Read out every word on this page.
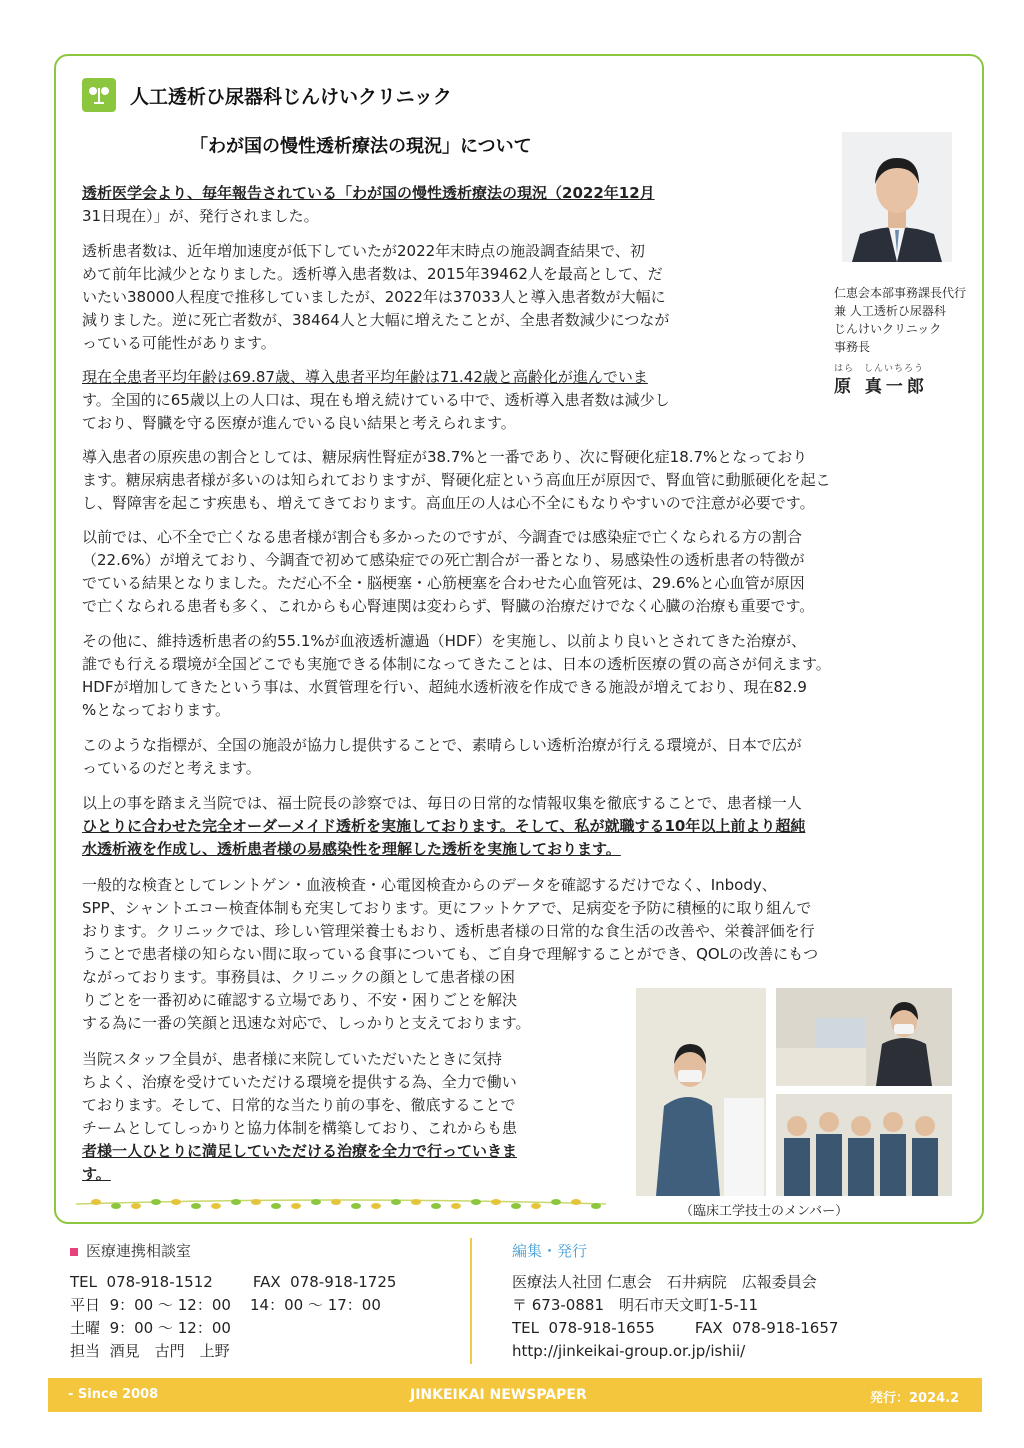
人工透析ひ尿器科じんけいクリニック
「わが国の慢性透析療法の現況」について
仁恵会本部事務課長代行
兼 人工透析ひ尿器科
じんけいクリニック
事務長
はら　しんいちろう
原 真一郎

透析医学会より、毎年報告されている「わが国の慢性透析療法の現況（2022年12月

31日現在）」が、発行されました。

透析患者数は、近年増加速度が低下していたが2022年末時点の施設調査結果で、初

めて前年比減少となりました。透析導入患者数は、2015年39462人を最高として、だ

いたい38000人程度で推移していましたが、2022年は37033人と導入患者数が大幅に

減りました。逆に死亡者数が、38464人と大幅に増えたことが、全患者数減少につなが

っている可能性があります。

現在全患者平均年齢は69.87歳、導入患者平均年齢は71.42歳と高齢化が進んでいま

す。全国的に65歳以上の人口は、現在も増え続けている中で、透析導入患者数は減少し

ており、腎臓を守る医療が進んでいる良い結果と考えられます。

導入患者の原疾患の割合としては、糖尿病性腎症が38.7%と一番であり、次に腎硬化症18.7%となっており

ます。糖尿病患者様が多いのは知られておりますが、腎硬化症という高血圧が原因で、腎血管に動脈硬化を起こ

し、腎障害を起こす疾患も、増えてきております。高血圧の人は心不全にもなりやすいので注意が必要です。

以前では、心不全で亡くなる患者様が割合も多かったのですが、今調査では感染症で亡くなられる方の割合

（22.6%）が増えており、今調査で初めて感染症での死亡割合が一番となり、易感染性の透析患者の特徴が

でている結果となりました。ただ心不全・脳梗塞・心筋梗塞を合わせた心血管死は、29.6%と心血管が原因

で亡くなられる患者も多く、これからも心腎連関は変わらず、腎臓の治療だけでなく心臓の治療も重要です。

その他に、維持透析患者の約55.1%が血液透析濾過（HDF）を実施し、以前より良いとされてきた治療が、

誰でも行える環境が全国どこでも実施できる体制になってきたことは、日本の透析医療の質の高さが伺えます。

HDFが増加してきたという事は、水質管理を行い、超純水透析液を作成できる施設が増えており、現在82.9

%となっております。

このような指標が、全国の施設が協力し提供することで、素晴らしい透析治療が行える環境が、日本で広が

っているのだと考えます。

以上の事を踏まえ当院では、福士院長の診察では、毎日の日常的な情報収集を徹底することで、患者様一人

ひとりに合わせた完全オーダーメイド透析を実施しております。そして、私が就職する10年以上前より超純

水透析液を作成し、透析患者様の易感染性を理解した透析を実施しております。

一般的な検査としてレントゲン・血液検査・心電図検査からのデータを確認するだけでなく、Inbody、

SPP、シャントエコー検査体制も充実しております。更にフットケアで、足病変を予防に積極的に取り組んで

おります。クリニックでは、珍しい管理栄養士もおり、透析患者様の日常的な食生活の改善や、栄養評価を行

うことで患者様の知らない間に取っている食事についても、ご自身で理解することができ、QOLの改善にもつ

ながっております。事務員は、クリニックの顔として患者様の困

りごとを一番初めに確認する立場であり、不安・困りごとを解決

する為に一番の笑顔と迅速な対応で、しっかりと支えております。

当院スタッフ全員が、患者様に来院していただいたときに気持

ちよく、治療を受けていただける環境を提供する為、全力で働い

ております。そして、日常的な当たり前の事を、徹底することで

チームとしてしっかりと協力体制を構築しており、これからも患

者様一人ひとりに満足していただける治療を全力で行っていきま

す。

（臨床工学技士のメンバー）
医療連携相談室
TEL 078-918-1512	FAX 078-918-1725
平日 9：00 〜 12：00 14：00 〜 17：00
土曜 9：00 〜 12：00
担当 酒見　古門　上野
編集・発行
医療法人社団 仁恵会　石井病院　広報委員会
〒 673-0881　明石市天文町1-5-11
TEL 078-918-1655	FAX 078-918-1657
http://jinkeikai-group.or.jp/ishii/
- Since 2008	JINKEIKAI NEWSPAPER	発行：2024.2
